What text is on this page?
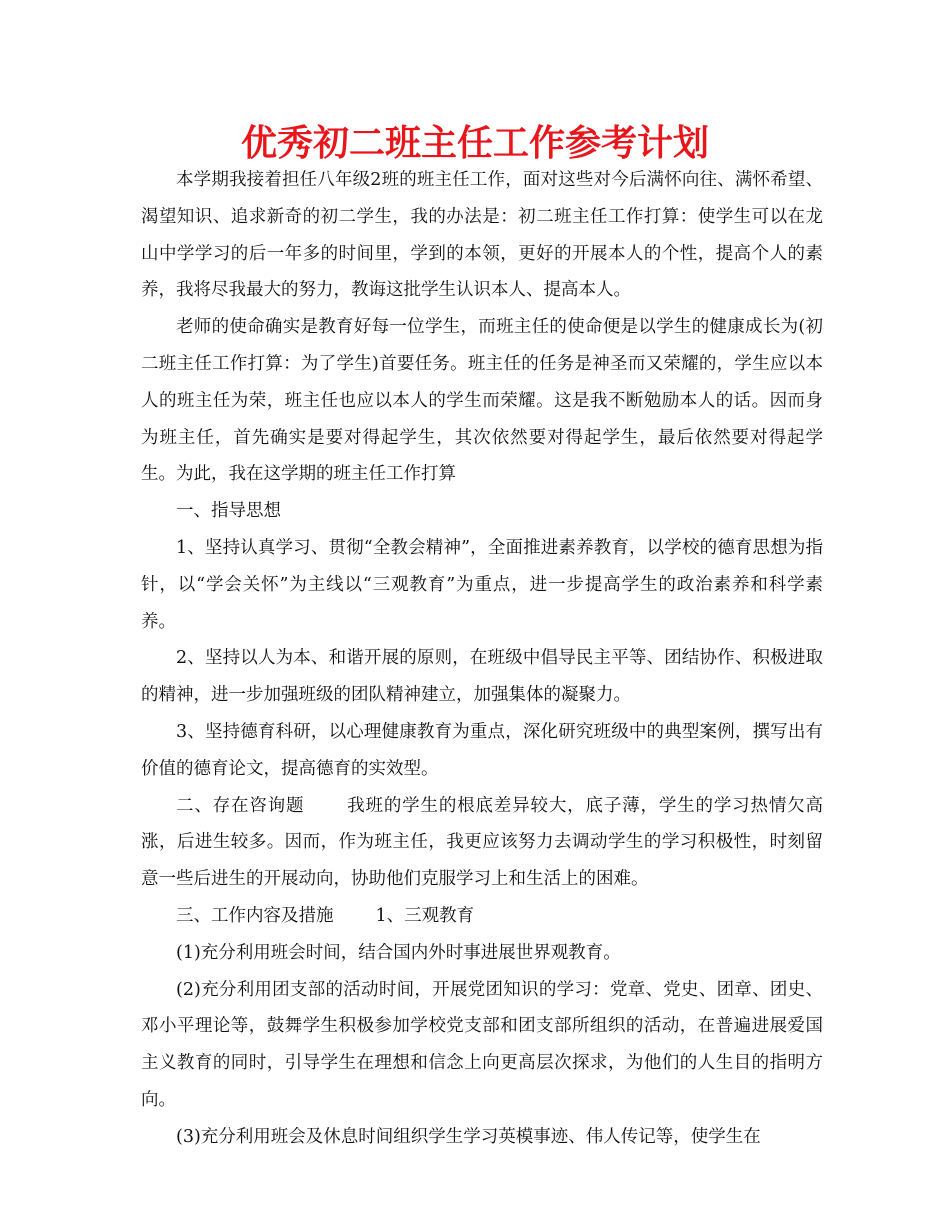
优秀初二班主任工作参考计划

本学期我接着担任八年级2班的班主任工作，面对这些对今后满怀向往、满怀希望、渴望知识、追求新奇的初二学生，我的办法是：初二班主任工作打算：使学生可以在龙山中学学习的后一年多的时间里，学到的本领，更好的开展本人的个性，提高个人的素养，我将尽我最大的努力，教诲这批学生认识本人、提高本人。

老师的使命确实是教育好每一位学生，而班主任的使命便是以学生的健康成长为(初二班主任工作打算：为了学生)首要任务。班主任的任务是神圣而又荣耀的，学生应以本人的班主任为荣，班主任也应以本人的学生而荣耀。这是我不断勉励本人的话。因而身为班主任，首先确实是要对得起学生，其次依然要对得起学生，最后依然要对得起学生。为此，我在这学期的班主任工作打算

一、指导思想

1、坚持认真学习、贯彻“全教会精神”，全面推进素养教育，以学校的德育思想为指针，以“学会关怀”为主线以“三观教育”为重点，进一步提高学生的政治素养和科学素养。

2、坚持以人为本、和谐开展的原则，在班级中倡导民主平等、团结协作、积极进取的精神，进一步加强班级的团队精神建立，加强集体的凝聚力。

3、坚持德育科研，以心理健康教育为重点，深化研究班级中的典型案例，撰写出有价值的德育论文，提高德育的实效型。

二、存在咨询题 我班的学生的根底差异较大，底子薄，学生的学习热情欠高涨，后进生较多。因而，作为班主任，我更应该努力去调动学生的学习积极性，时刻留意一些后进生的开展动向，协助他们克服学习上和生活上的困难。

三、工作内容及措施 1、三观教育

(1)充分利用班会时间，结合国内外时事进展世界观教育。

(2)充分利用团支部的活动时间，开展党团知识的学习：党章、党史、团章、团史、邓小平理论等，鼓舞学生积极参加学校党支部和团支部所组织的活动，在普遍进展爱国主义教育的同时，引导学生在理想和信念上向更高层次探求，为他们的人生目的指明方向。

(3)充分利用班会及休息时间组织学生学习英模事迹、伟人传记等，使学生在
